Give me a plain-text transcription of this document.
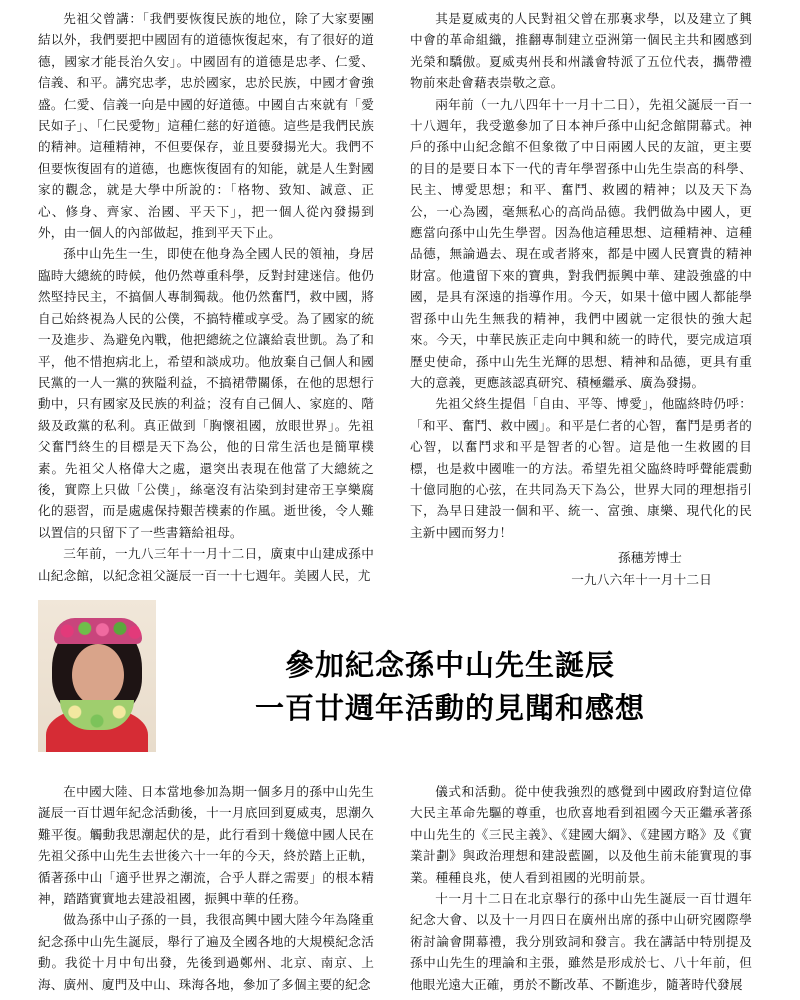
先祖父曾講：「我們要恢復民族的地位，除了大家要團結以外，我們要把中國固有的道德恢復起來，有了很好的道德，國家才能長治久安」。中國固有的道德是忠孝、仁愛、信義、和平。講究忠孝，忠於國家，忠於民族，中國才會強盛。仁愛、信義一向是中國的好道德。中國自古來就有「愛民如子」、「仁民愛物」這種仁慈的好道德。這些是我們民族的精神。這種精神，不但要保存，並且要發揚光大。我們不但要恢復固有的道德，也應恢復固有的知能，就是人生對國家的觀念，就是大學中所說的：「格物、致知、誠意、正心、修身、齊家、治國、平天下」，把一個人從內發揚到外，由一個人的內部做起，推到平天下止。

孫中山先生一生，即使在他身為全國人民的領袖，身居臨時大總統的時候，他仍然尊重科學，反對封建迷信。他仍然堅持民主，不搞個人專制獨裁。他仍然奮鬥，救中國，將自己始終視為人民的公僕，不搞特權或享受。為了國家的統一及進步、為避免內戰，他把總統之位讓給袁世凱。為了和平，他不惜抱病北上，希望和談成功。他放棄自己個人和國民黨的一人一黨的狹隘利益，不搞裙帶關係，在他的思想行動中，只有國家及民族的利益；沒有自己個人、家庭的、階級及政黨的私利。真正做到「胸懷祖國，放眼世界」。先祖父奮鬥終生的目標是天下為公，他的日常生活也是簡單樸素。先祖父人格偉大之處，還突出表現在他當了大總統之後，實際上只做「公僕」，絲毫沒有沾染到封建帝王享樂腐化的惡習，而是處處保持艱苦樸素的作風。逝世後，令人難以置信的只留下了一些書籍給祖母。

三年前，一九八三年十一月十二日，廣東中山建成孫中山紀念館，以紀念祖父誕辰一百一十七週年。美國人民，尤

其是夏威夷的人民對祖父曾在那裏求學，以及建立了興中會的革命組織，推翻專制建立亞洲第一個民主共和國感到光榮和驕傲。夏威夷州長和州議會特派了五位代表，攜帶禮物前來赴會藉表崇敬之意。

兩年前（一九八四年十一月十二日），先祖父誕辰一百一十八週年，我受邀參加了日本神戶孫中山紀念館開幕式。神戶的孫中山紀念館不但象徵了中日兩國人民的友誼，更主要的目的是要日本下一代的青年學習孫中山先生崇高的科學、民主、博愛思想；和平、奮鬥、救國的精神；以及天下為公，一心為國，毫無私心的高尚品德。我們做為中國人，更應當向孫中山先生學習。因為他這種思想、這種精神、這種品德，無論過去、現在或者將來，都是中國人民寶貴的精神財富。他遺留下來的寶典，對我們振興中華、建設強盛的中國，是具有深遠的指導作用。今天，如果十億中國人都能學習孫中山先生無我的精神，我們中國就一定很快的強大起來。今天，中華民族正走向中興和統一的時代，要完成這項歷史使命，孫中山先生光輝的思想、精神和品德，更具有重大的意義，更應該認真研究、積極繼承、廣為發揚。

先祖父終生提倡「自由、平等、博愛」，他臨終時仍呼：「和平、奮鬥、救中國」。和平是仁者的心智，奮鬥是勇者的心智，以奮鬥求和平是智者的心智。這是他一生救國的目標，也是救中國唯一的方法。希望先祖父臨終時呼聲能震動十億同胞的心弦，在共同為天下為公，世界大同的理想指引下，為早日建設一個和平、統一、富強、康樂、現代化的民主新中國而努力！

孫穗芳博士

一九八六年十一月十二日

參加紀念孫中山先生誕辰
一百廿週年活動的見聞和感想

在中國大陸、日本當地參加為期一個多月的孫中山先生誕辰一百廿週年紀念活動後，十一月底回到夏威夷，思潮久難平復。觸動我思潮起伏的是，此行看到十幾億中國人民在先祖父孫中山先生去世後六十一年的今天，終於踏上正軌，循著孫中山「適乎世界之潮流，合乎人群之需要」的根本精神，踏踏實實地去建設祖國，振興中華的任務。

做為孫中山子孫的一員，我很高興中國大陸今年為隆重紀念孫中山先生誕辰，舉行了遍及全國各地的大規模紀念活動。我從十月中旬出發，先後到過鄭州、北京、南京、上海、廣州、廈門及中山、珠海各地，參加了多個主要的紀念

儀式和活動。從中使我強烈的感覺到中國政府對這位偉大民主革命先驅的尊重，也欣喜地看到祖國今天正繼承著孫中山先生的《三民主義》、《建國大綱》、《建國方略》及《實業計劃》與政治理想和建設藍圖，以及他生前未能實現的事業。種種良兆，使人看到祖國的光明前景。

十一月十二日在北京舉行的孫中山先生誕辰一百廿週年紀念大會、以及十一月四日在廣州出席的孫中山研究國際學術討論會開幕禮，我分別致詞和發言。我在講話中特別提及孫中山先生的理論和主張，雖然是形成於七、八十年前，但他眼光遠大正確，勇於不斷改革、不斷進步，隨著時代發展
